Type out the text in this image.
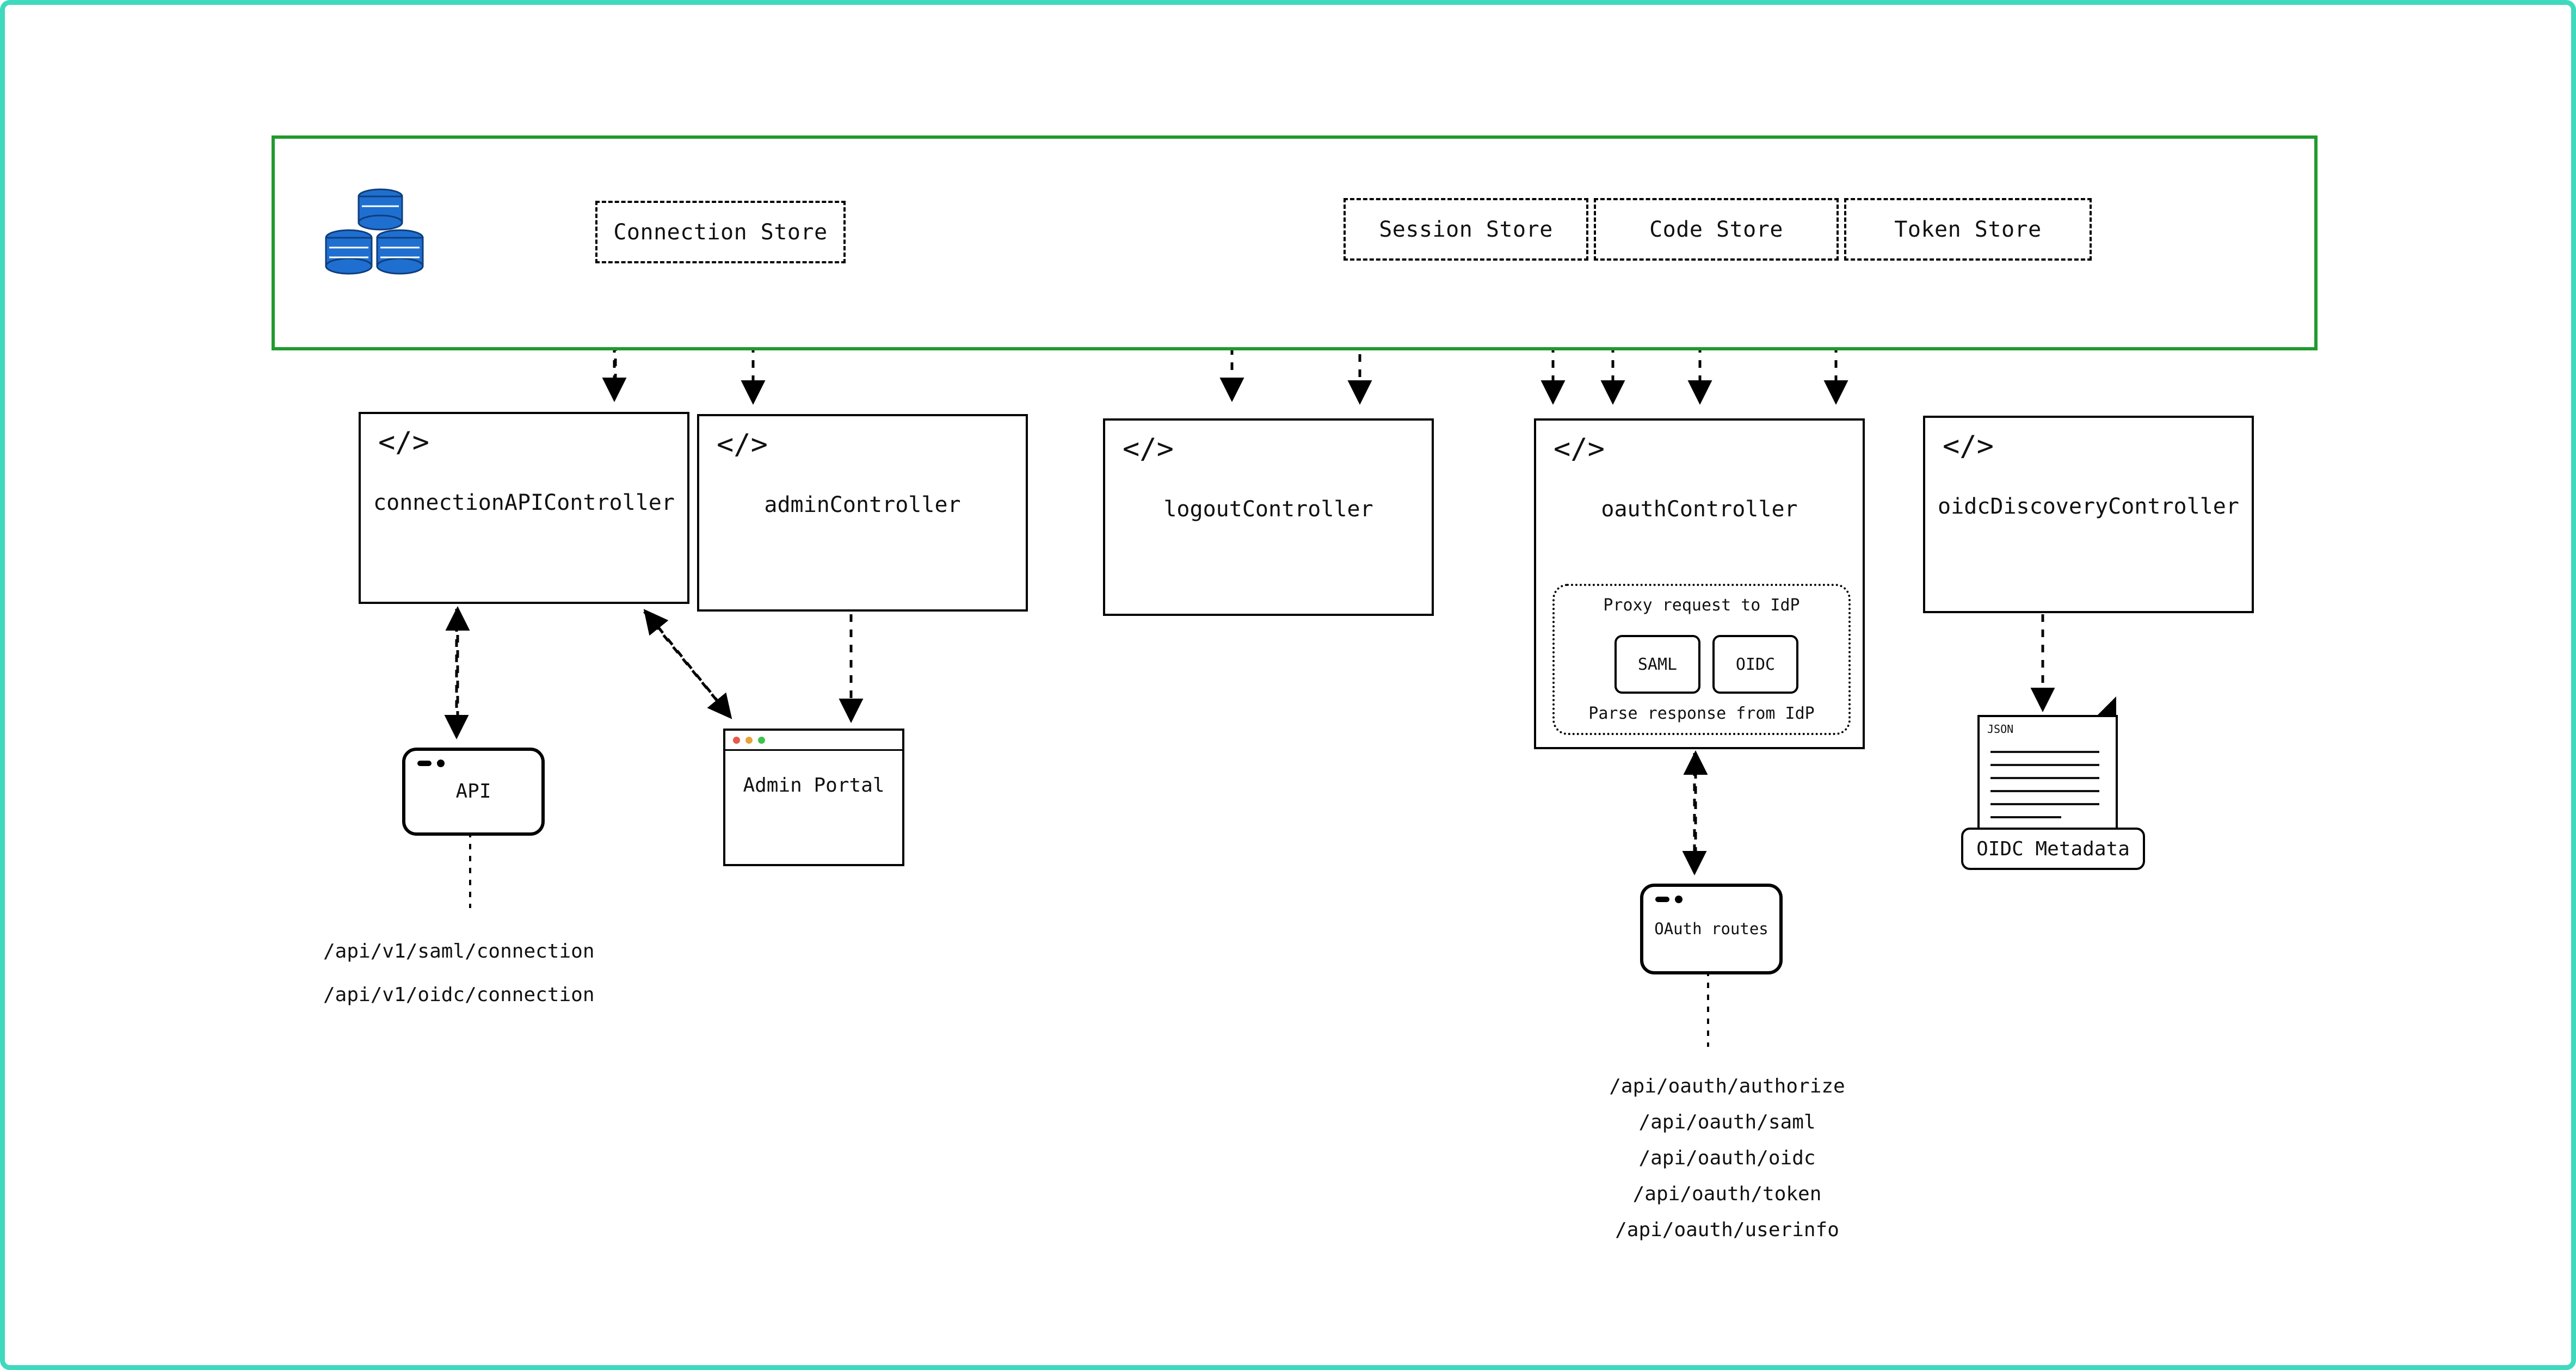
Connection Store	Session Store	Code Store	Token Store
</>
connectionAPIController
</>
adminController
</>
logoutController
</>
oauthController
Proxy request to IdP
SAML	OIDC
Parse response from IdP
</>
oidcDiscoveryController
API
OAuth routes
Admin Portal
JSON
OIDC Metadata
/api/v1/saml/connection
/api/v1/oidc/connection
/api/oauth/authorize
/api/oauth/saml
/api/oauth/oidc
/api/oauth/token
/api/oauth/userinfo
